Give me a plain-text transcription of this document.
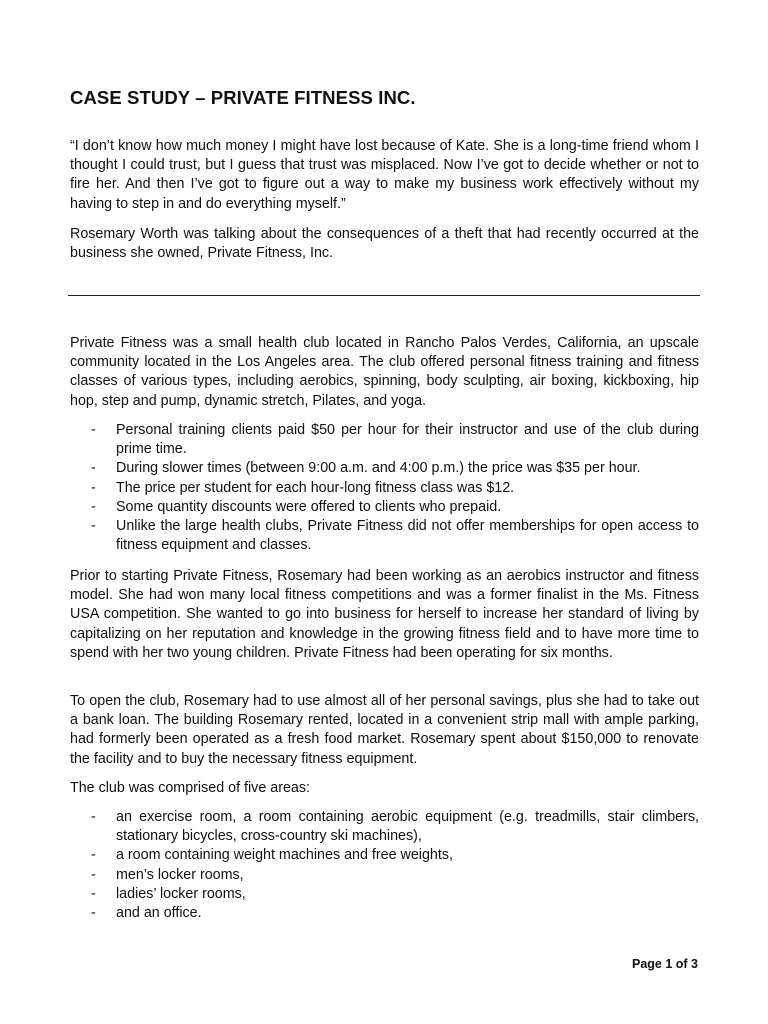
CASE STUDY – PRIVATE FITNESS INC.

“I don’t know how much money I might have lost because of Kate. She is a long-time friend whom I thought I could trust, but I guess that trust was misplaced. Now I’ve got to decide whether or not to fire her. And then I’ve got to figure out a way to make my business work effectively without my having to step in and do everything myself.”

Rosemary Worth was talking about the consequences of a theft that had recently occurred at the business she owned, Private Fitness, Inc.

Private Fitness was a small health club located in Rancho Palos Verdes, California, an upscale community located in the Los Angeles area. The club offered personal fitness training and fitness classes of various types, including aerobics, spinning, body sculpting, air boxing, kickboxing, hip hop, step and pump, dynamic stretch, Pilates, and yoga.

- Personal training clients paid $50 per hour for their instructor and use of the club during prime time.
- During slower times (between 9:00 a.m. and 4:00 p.m.) the price was $35 per hour.
- The price per student for each hour-long fitness class was $12.
- Some quantity discounts were offered to clients who prepaid.
- Unlike the large health clubs, Private Fitness did not offer memberships for open access to fitness equipment and classes.

Prior to starting Private Fitness, Rosemary had been working as an aerobics instructor and fitness model. She had won many local fitness competitions and was a former finalist in the Ms. Fitness USA competition. She wanted to go into business for herself to increase her standard of living by capitalizing on her reputation and knowledge in the growing fitness field and to have more time to spend with her two young children. Private Fitness had been operating for six months.

To open the club, Rosemary had to use almost all of her personal savings, plus she had to take out a bank loan. The building Rosemary rented, located in a convenient strip mall with ample parking, had formerly been operated as a fresh food market. Rosemary spent about $150,000 to renovate the facility and to buy the necessary fitness equipment.

The club was comprised of five areas:

- an exercise room, a room containing aerobic equipment (e.g. treadmills, stair climbers, stationary bicycles, cross-country ski machines),
- a room containing weight machines and free weights,
- men’s locker rooms,
- ladies’ locker rooms,
- and an office.
Page 1 of 3
